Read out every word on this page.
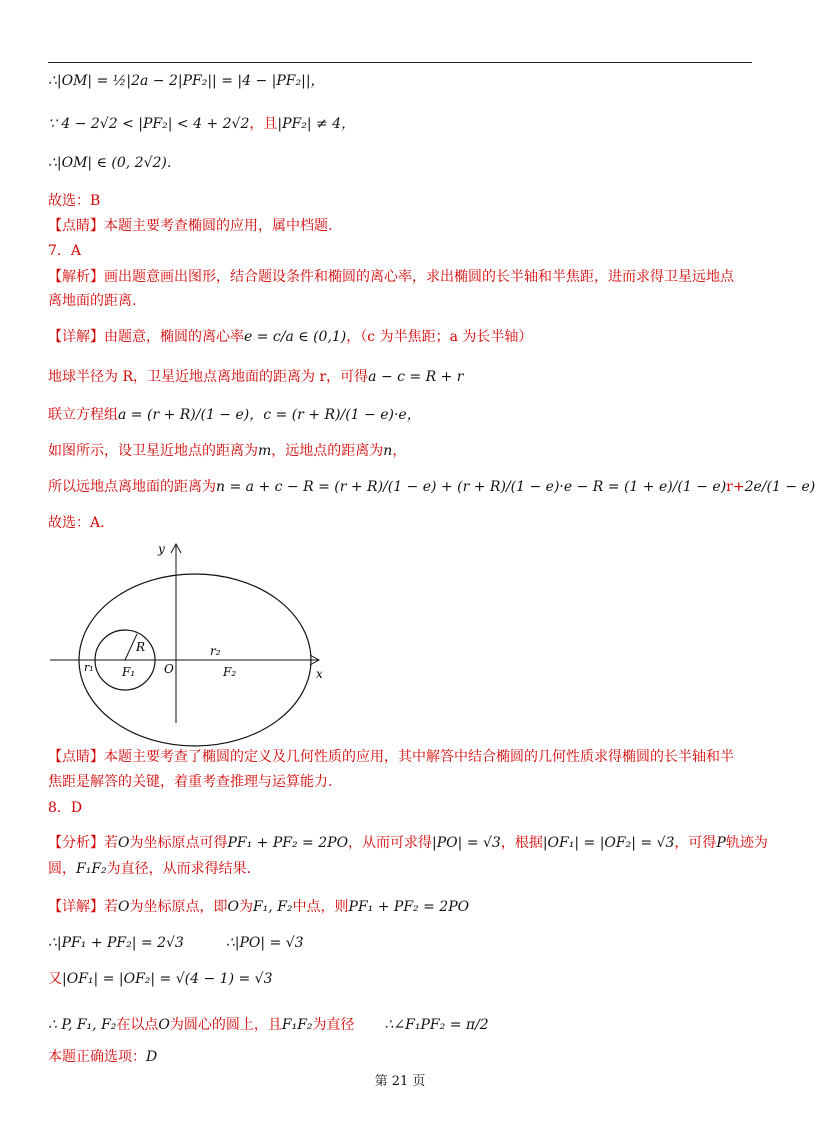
∴|OM| = ½|2a − 2|PF₂|| = |4 − |PF₂||，
∵ 4 − 2√2 < |PF₂| < 4 + 2√2，且|PF₂| ≠ 4，
∴|OM| ∈ (0, 2√2).
故选：B
【点睛】本题主要考查椭圆的应用，属中档题.
7．A
【解析】画出题意画出图形，结合题设条件和椭圆的离心率，求出椭圆的长半轴和半焦距，进而求得卫星远地点
离地面的距离.
【详解】由题意，椭圆的离心率e = c/a ∈ (0,1)，（c 为半焦距；a 为长半轴）
地球半径为 R，卫星近地点离地面的距离为 r，可得a − c = R + r
联立方程组a = (r + R)/(1 − e)，c = (r + R)/(1 − e)·e，
如图所示，设卫星近地点的距离为m，远地点的距离为n，
所以远地点离地面的距离为n = a + c − R = (r + R)/(1 − e) + (r + R)/(1 − e)·e − R = (1 + e)/(1 − e)r+2e/(1 − e)
故选：A.
y
x
R
r₁
r₂
F₁	F₂
O
【点睛】本题主要考查了椭圆的定义及几何性质的应用，其中解答中结合椭圆的几何性质求得椭圆的长半轴和半
焦距是解答的关键，着重考查推理与运算能力.
8．D
【分析】若O为坐标原点可得PF₁ + PF₂ = 2PO，从而可求得|PO| = √3，根据|OF₁| = |OF₂| = √3，可得P轨迹为
圆，F₁F₂为直径，从而求得结果.
【详解】若O为坐标原点，即O为F₁, F₂中点，则PF₁ + PF₂ = 2PO
∴|PF₁ + PF₂| = 2√3	∴|PO| = √3
又|OF₁| = |OF₂| = √(4 − 1) = √3
∴ P, F₁, F₂在以点O为圆心的圆上，且F₁F₂为直径 ∴∠F₁PF₂ = π/2
本题正确选项：D
第 21 页
